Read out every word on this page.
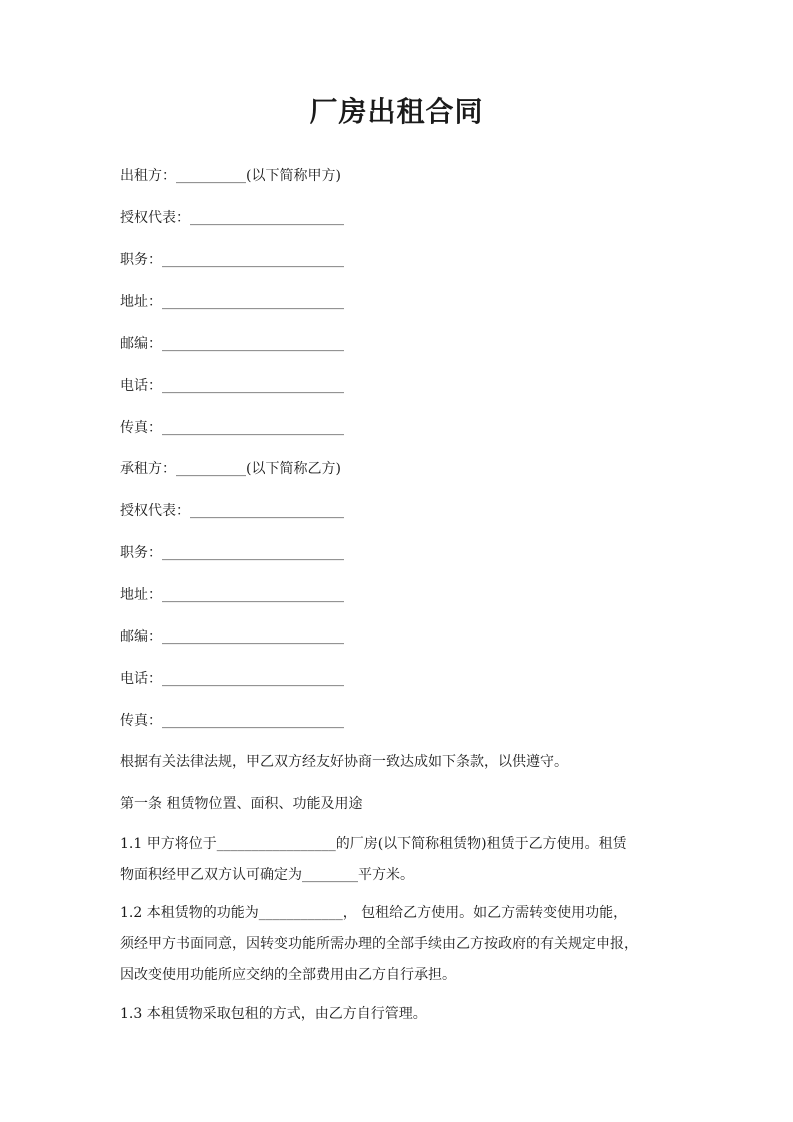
厂房出租合同
出租方：__________(以下简称甲方)
授权代表：______________________
职务：__________________________
地址：__________________________
邮编：__________________________
电话：__________________________
传真：__________________________
承租方：__________(以下简称乙方)
授权代表：______________________
职务：__________________________
地址：__________________________
邮编：__________________________
电话：__________________________
传真：__________________________
根据有关法律法规，甲乙双方经友好协商一致达成如下条款，以供遵守。
第一条 租赁物位置、面积、功能及用途
1.1 甲方将位于_________________的厂房(以下简称租赁物)租赁于乙方使用。租赁
物面积经甲乙双方认可确定为________平方米。
1.2 本租赁物的功能为____________， 包租给乙方使用。如乙方需转变使用功能，
须经甲方书面同意，因转变功能所需办理的全部手续由乙方按政府的有关规定申报，
因改变使用功能所应交纳的全部费用由乙方自行承担。
1.3 本租赁物采取包租的方式，由乙方自行管理。
